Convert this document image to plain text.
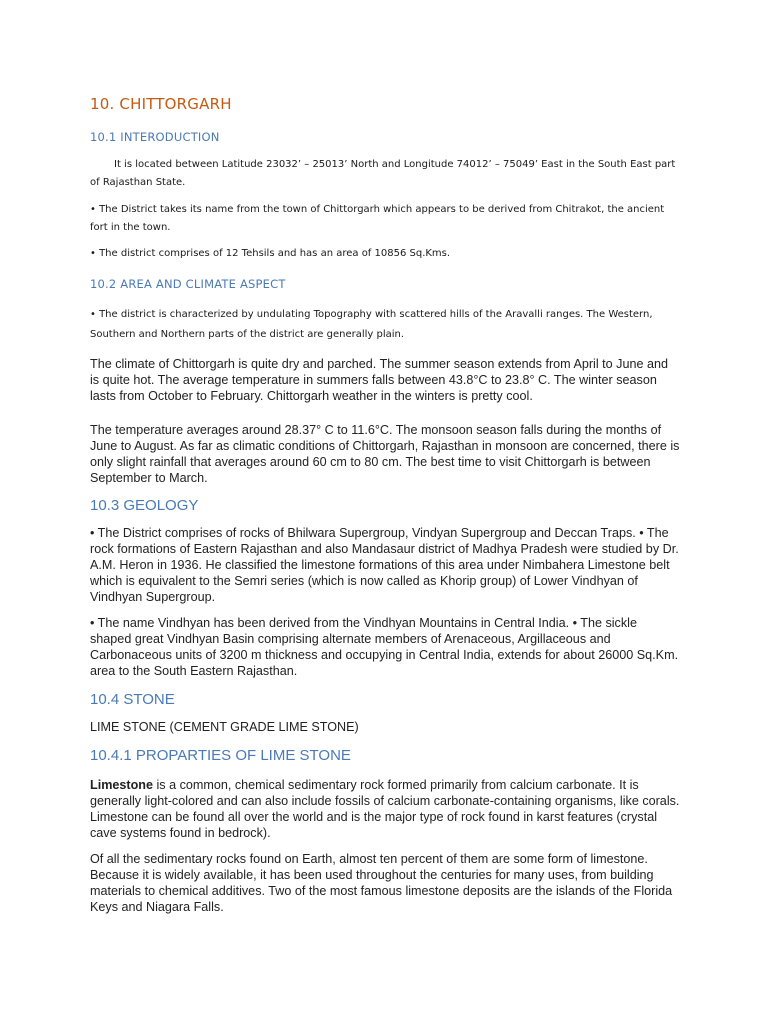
10. CHITTORGARH
10.1 INTERODUCTION

It is located between Latitude 23032’ – 25013’ North and Longitude 74012’ – 75049’ East in the South East part of Rajasthan State.

• The District takes its name from the town of Chittorgarh which appears to be derived from Chitrakot, the ancient fort in the town.

• The district comprises of 12 Tehsils and has an area of 10856 Sq.Kms.

10.2 AREA AND CLIMATE ASPECT

• The district is characterized by undulating Topography with scattered hills of the Aravalli ranges. The Western, Southern and Northern parts of the district are generally plain.

The climate of Chittorgarh is quite dry and parched. The summer season extends from April to June and is quite hot. The average temperature in summers falls between 43.8°C to 23.8° C. The winter season lasts from October to February. Chittorgarh weather in the winters is pretty cool.

The temperature averages around 28.37° C to 11.6°C. The monsoon season falls during the months of June to August. As far as climatic conditions of Chittorgarh, Rajasthan in monsoon are concerned, there is only slight rainfall that averages around 60 cm to 80 cm. The best time to visit Chittorgarh is between September to March.

10.3 GEOLOGY

• The District comprises of rocks of Bhilwara Supergroup, Vindyan Supergroup and Deccan Traps. • The rock formations of Eastern Rajasthan and also Mandasaur district of Madhya Pradesh were studied by Dr. A.M. Heron in 1936. He classified the limestone formations of this area under Nimbahera Limestone belt which is equivalent to the Semri series (which is now called as Khorip group) of Lower Vindhyan of Vindhyan Supergroup.

• The name Vindhyan has been derived from the Vindhyan Mountains in Central India. • The sickle shaped great Vindhyan Basin comprising alternate members of Arenaceous, Argillaceous and Carbonaceous units of 3200 m thickness and occupying in Central India, extends for about 26000 Sq.Km. area to the South Eastern Rajasthan.

10.4 STONE

LIME STONE (CEMENT GRADE LIME STONE)

10.4.1 PROPARTIES OF LIME STONE

Limestone is a common, chemical sedimentary rock formed primarily from calcium carbonate. It is generally light-colored and can also include fossils of calcium carbonate-containing organisms, like corals. Limestone can be found all over the world and is the major type of rock found in karst features (crystal cave systems found in bedrock).

Of all the sedimentary rocks found on Earth, almost ten percent of them are some form of limestone. Because it is widely available, it has been used throughout the centuries for many uses, from building materials to chemical additives. Two of the most famous limestone deposits are the islands of the Florida Keys and Niagara Falls.
